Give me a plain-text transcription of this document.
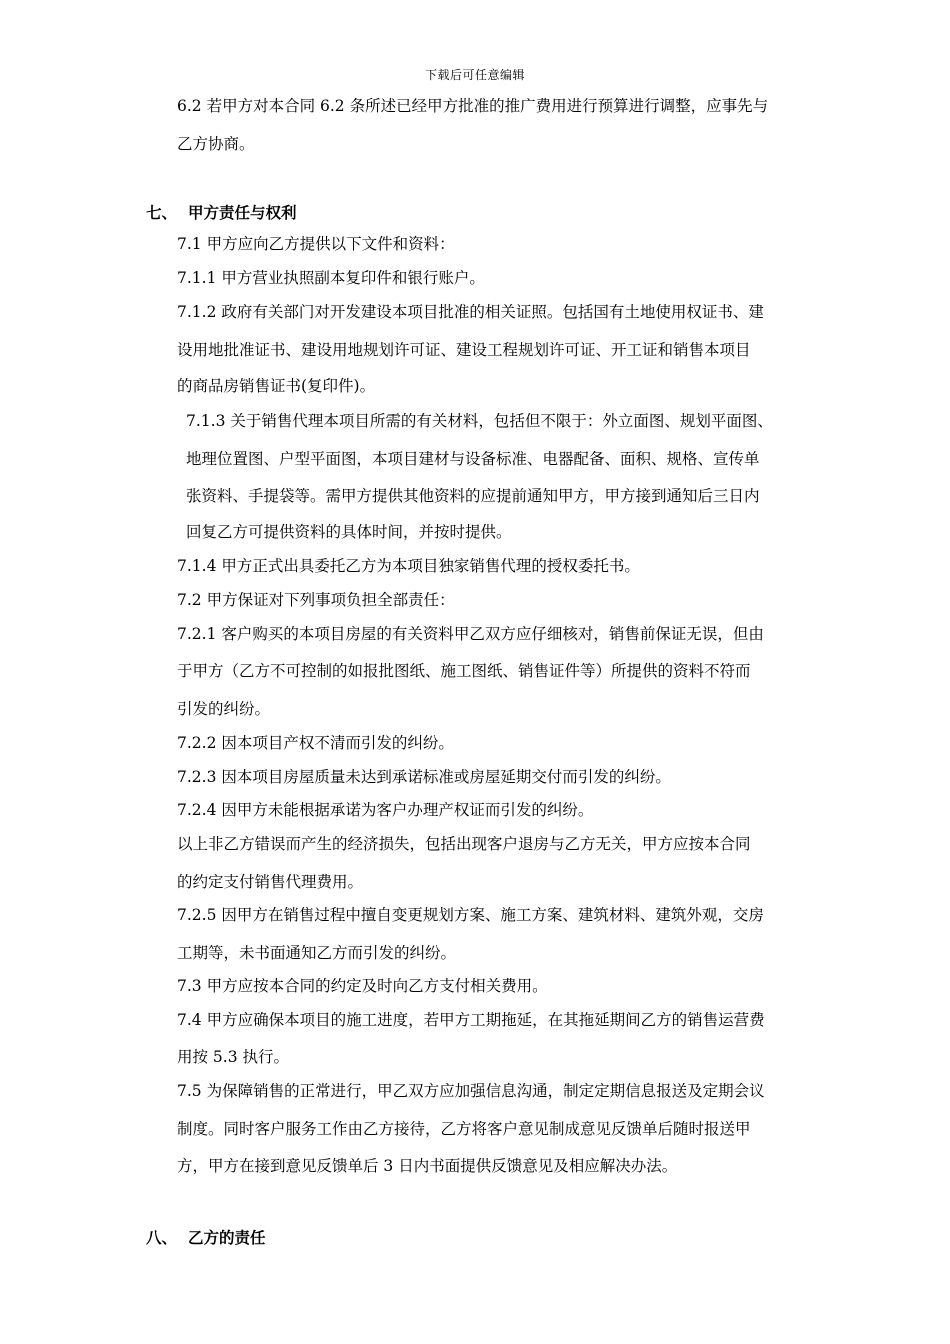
下载后可任意编辑
6.2 若甲方对本合同 6.2 条所述已经甲方批准的推广费用进行预算进行调整，应事先与
乙方协商。
七、 甲方责任与权利
7.1 甲方应向乙方提供以下文件和资料：
7.1.1 甲方营业执照副本复印件和银行账户。
7.1.2 政府有关部门对开发建设本项目批准的相关证照。包括国有土地使用权证书、建
设用地批准证书、建设用地规划许可证、建设工程规划许可证、开工证和销售本项目
的商品房销售证书(复印件)。
7.1.3 关于销售代理本项目所需的有关材料，包括但不限于：外立面图、规划平面图、
地理位置图、户型平面图，本项目建材与设备标准、电器配备、面积、规格、宣传单
张资料、手提袋等。需甲方提供其他资料的应提前通知甲方，甲方接到通知后三日内
回复乙方可提供资料的具体时间，并按时提供。
7.1.4 甲方正式出具委托乙方为本项目独家销售代理的授权委托书。
7.2 甲方保证对下列事项负担全部责任：
7.2.1 客户购买的本项目房屋的有关资料甲乙双方应仔细核对，销售前保证无误，但由
于甲方（乙方不可控制的如报批图纸、施工图纸、销售证件等）所提供的资料不符而
引发的纠纷。
7.2.2 因本项目产权不清而引发的纠纷。
7.2.3 因本项目房屋质量未达到承诺标准或房屋延期交付而引发的纠纷。
7.2.4 因甲方未能根据承诺为客户办理产权证而引发的纠纷。
以上非乙方错误而产生的经济损失，包括出现客户退房与乙方无关，甲方应按本合同
的约定支付销售代理费用。
7.2.5 因甲方在销售过程中擅自变更规划方案、施工方案、建筑材料、建筑外观，交房
工期等，未书面通知乙方而引发的纠纷。
7.3 甲方应按本合同的约定及时向乙方支付相关费用。
7.4 甲方应确保本项目的施工进度，若甲方工期拖延，在其拖延期间乙方的销售运营费
用按 5.3 执行。
7.5 为保障销售的正常进行，甲乙双方应加强信息沟通，制定定期信息报送及定期会议
制度。同时客户服务工作由乙方接待，乙方将客户意见制成意见反馈单后随时报送甲
方，甲方在接到意见反馈单后 3 日内书面提供反馈意见及相应解决办法。
八、 乙方的责任
